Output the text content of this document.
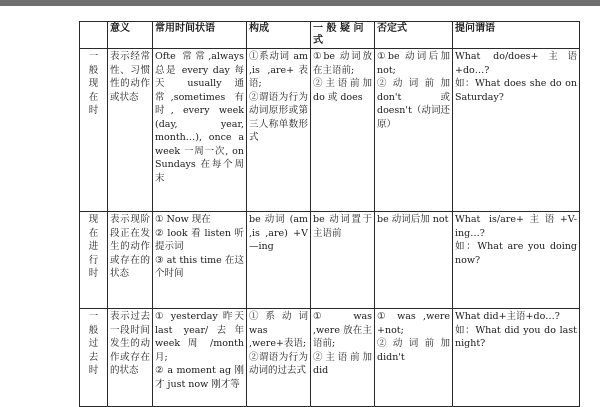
	意义	常用时间状语	构成	一 般 疑 问 式	否定式	提问谓语

一
般
现
在
时	表示经常性、习惯性的动作或状态	Ofte 常常,always 总是 every day 每天 usually 通常,sometimes 有时, every week (day, year, month…), once a week 一周一次, on Sundays 在每个周末	①系动词 am ,is ,are+表语;
②谓语为行为动词原形或第三人称单数形式	①be 动词放在主语前;
②主语前加 do 或 does	①be 动词后加 not;
②动词前加 don't 或 doesn't（动词还原）	What do/does+主语+do…?
如：What does she do on Saturday?

现
在
进
行
时	表示现阶段正在发生的动作或存在的状态	① Now 现在
② look 看 listen 听提示词
③ at this time 在这个时间	be 动词 (am ,is ,are) +V—ing	be 动词置于主语前	be 动词后加 not	What is/are+主语+V-ing…?
如：What are you doing now?

一
般
过
去
时	表示过去一段时间发生的动作或存在的状态	① yesterday 昨天 last year/去年 week 周 /month 月;
② a moment ag 刚才 just now 刚才等	①系动词 was ,were+表语;
②谓语为行为动词的过去式	① was ,were 放在主语前;
②主语前加 did	① was ,were +not;
②动词前加 didn't	What did+主语+do…?
如：What did you do last night?
